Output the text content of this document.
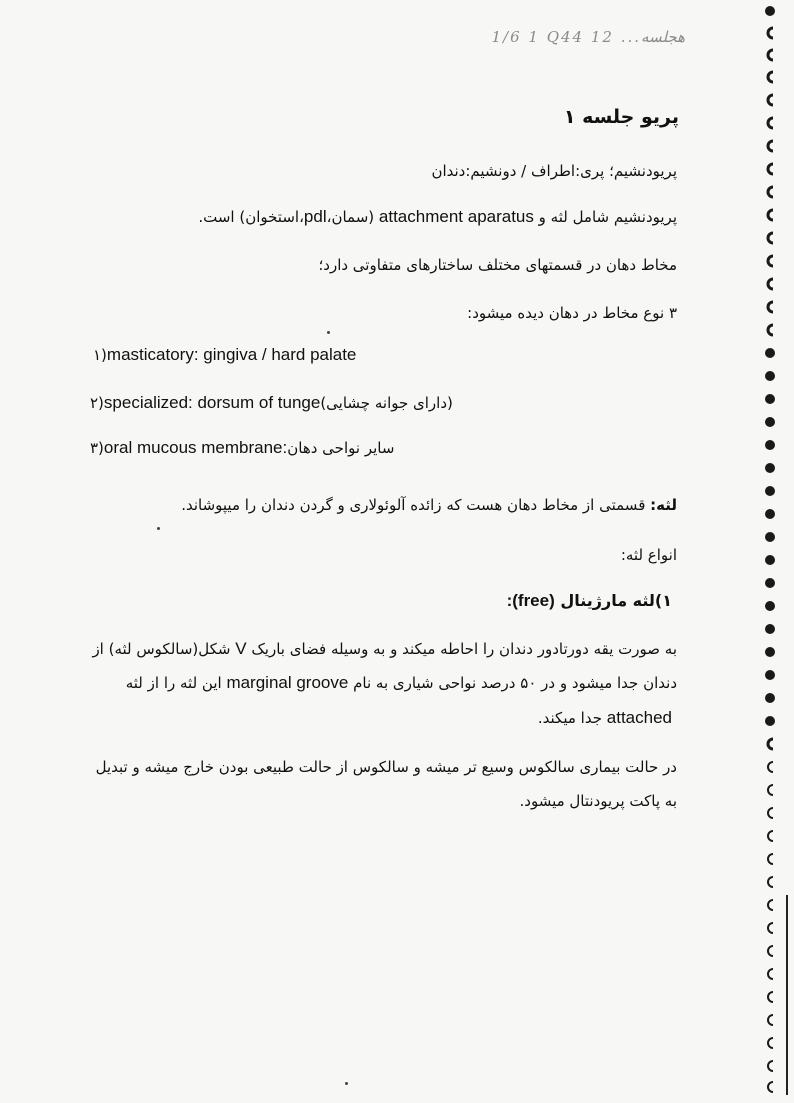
1/6 1 Q44 12 ...هجلسه
پریو جلسه ۱
پریودنشیم؛ پری:اطراف / دونشیم:دندان
پریودنشیم شامل لثه و attachment aparatus (سمان،pdl،استخوان) است.
مخاط دهان در قسمتهای مختلف ساختارهای متفاوتی دارد؛
۳ نوع مخاط در دهان دیده میشود:
۱)masticatory: gingiva / hard palate
۲)specialized: dorsum of tunge(دارای جوانه چشایی)
۳)oral mucous membrane:سایر نواحی دهان
لثه: قسمتی از مخاط دهان هست که زائده آلوئولاری و گردن دندان را میپوشاند.
انواع لثه:
۱)لثه مارژینال (free):
به صورت یقه دورتادور دندان را احاطه میکند و به وسیله فضای باریک V شکل(سالکوس لثه) از
دندان جدا میشود و در ۵۰ درصد نواحی شیاری به نام marginal groove این لثه را از لثه
attached جدا میکند.
در حالت بیماری سالکوس وسیع تر میشه و سالکوس از حالت طبیعی بودن خارج میشه و تبدیل
به پاکت پریودنتال میشود.
